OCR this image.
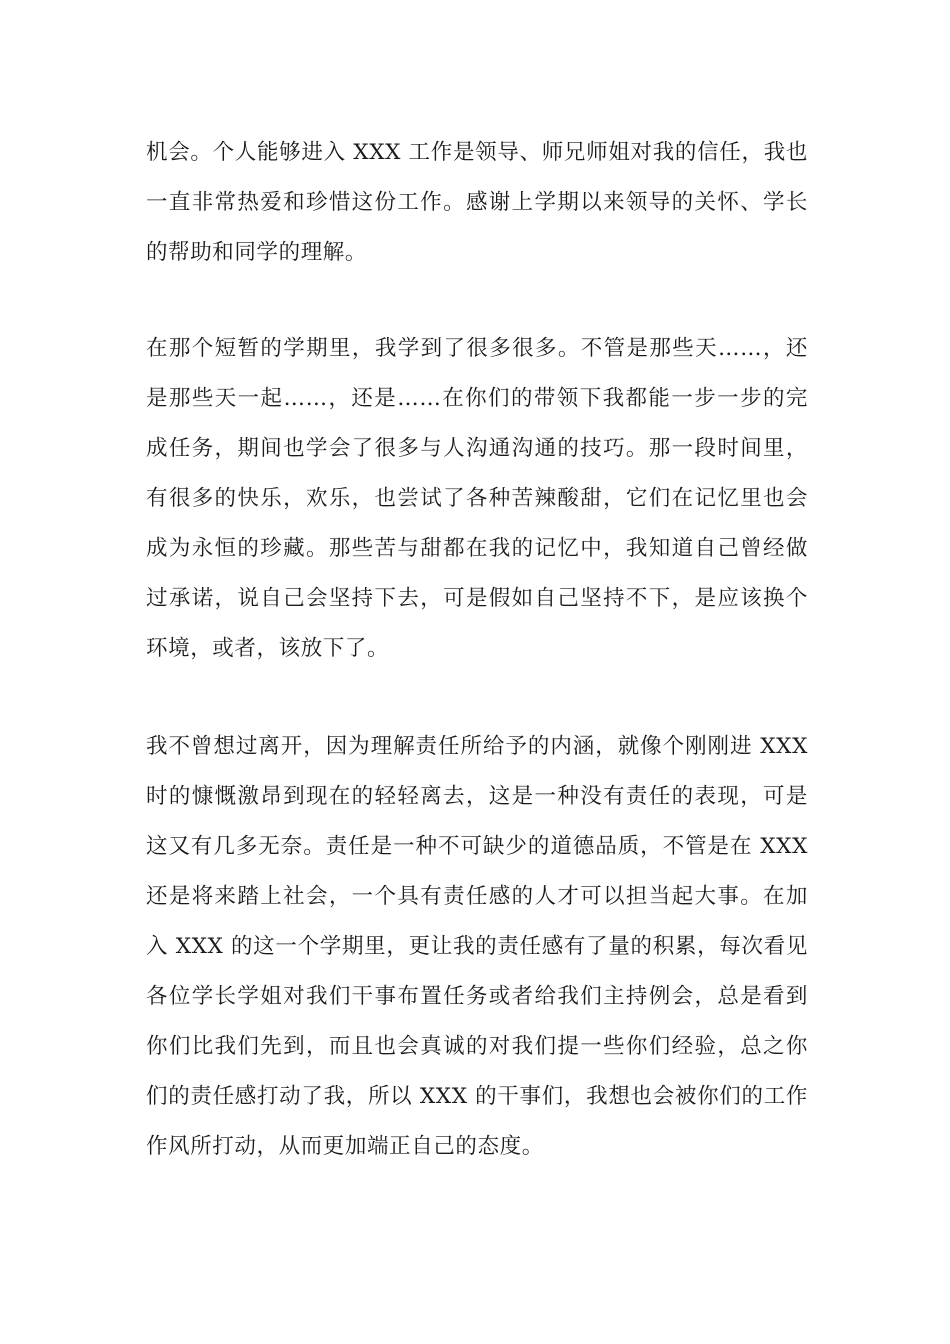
机会。个人能够进入 XXX 工作是领导、师兄师姐对我的信任，我也
一直非常热爱和珍惜这份工作。感谢上学期以来领导的关怀、学长
的帮助和同学的理解。
在那个短暂的学期里，我学到了很多很多。不管是那些天……，还
是那些天一起……，还是……在你们的带领下我都能一步一步的完
成任务，期间也学会了很多与人沟通沟通的技巧。那一段时间里，
有很多的快乐，欢乐，也尝试了各种苦辣酸甜，它们在记忆里也会
成为永恒的珍藏。那些苦与甜都在我的记忆中，我知道自己曾经做
过承诺，说自己会坚持下去，可是假如自己坚持不下，是应该换个
环境，或者，该放下了。
我不曾想过离开，因为理解责任所给予的内涵，就像个刚刚进 XXX
时的慷慨激昂到现在的轻轻离去，这是一种没有责任的表现，可是
这又有几多无奈。责任是一种不可缺少的道德品质，不管是在 XXX
还是将来踏上社会，一个具有责任感的人才可以担当起大事。在加
入 XXX 的这一个学期里，更让我的责任感有了量的积累，每次看见
各位学长学姐对我们干事布置任务或者给我们主持例会，总是看到
你们比我们先到，而且也会真诚的对我们提一些你们经验，总之你
们的责任感打动了我，所以 XXX 的干事们，我想也会被你们的工作
作风所打动，从而更加端正自己的态度。
